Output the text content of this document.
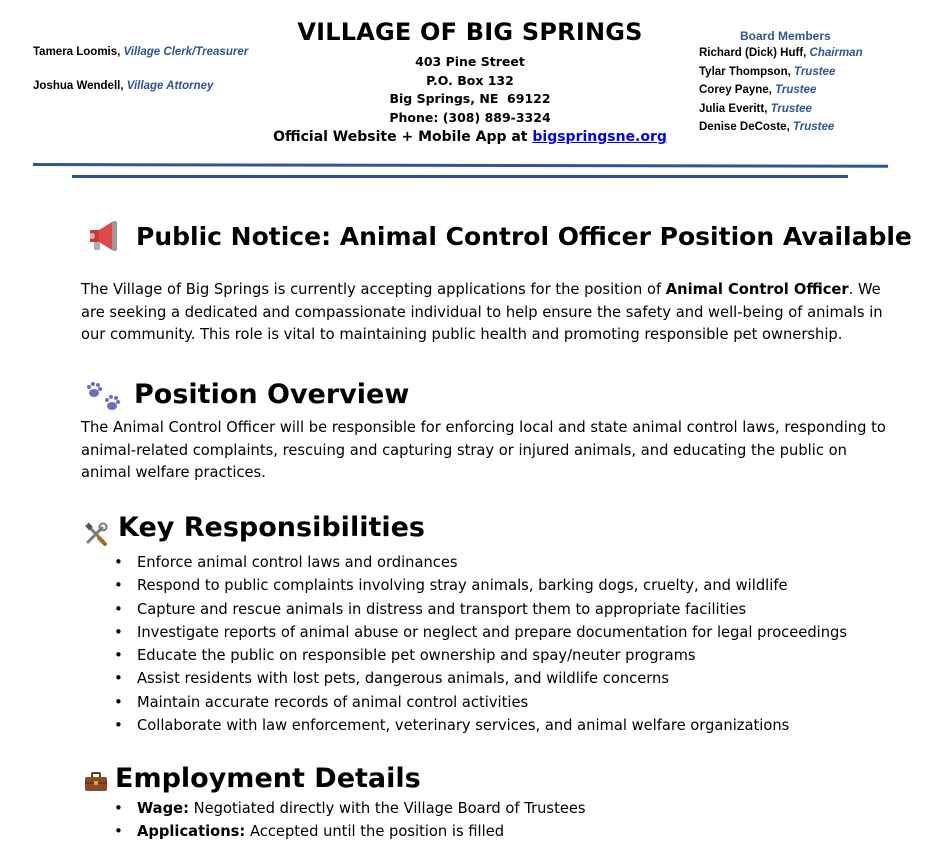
Tamera Loomis, Village Clerk/Treasurer
Joshua Wendell, Village Attorney
VILLAGE OF BIG SPRINGS
403 Pine Street
P.O. Box 132
Big Springs, NE  69122
Phone: (308) 889-3324
Official Website + Mobile App at bigspringsne.org
Board Members
Richard (Dick) Huff, Chairman
Tylar Thompson, Trustee
Corey Payne, Trustee
Julia Everitt, Trustee
Denise DeCoste, Trustee
Public Notice: Animal Control Officer Position Available
The Village of Big Springs is currently accepting applications for the position of Animal Control Officer. We are seeking a dedicated and compassionate individual to help ensure the safety and well-being of animals in our community. This role is vital to maintaining public health and promoting responsible pet ownership.
Position Overview
The Animal Control Officer will be responsible for enforcing local and state animal control laws, responding to animal-related complaints, rescuing and capturing stray or injured animals, and educating the public on animal welfare practices.
Key Responsibilities
• Enforce animal control laws and ordinances
• Respond to public complaints involving stray animals, barking dogs, cruelty, and wildlife
• Capture and rescue animals in distress and transport them to appropriate facilities
• Investigate reports of animal abuse or neglect and prepare documentation for legal proceedings
• Educate the public on responsible pet ownership and spay/neuter programs
• Assist residents with lost pets, dangerous animals, and wildlife concerns
• Maintain accurate records of animal control activities
• Collaborate with law enforcement, veterinary services, and animal welfare organizations
Employment Details
• Wage: Negotiated directly with the Village Board of Trustees
• Applications: Accepted until the position is filled
